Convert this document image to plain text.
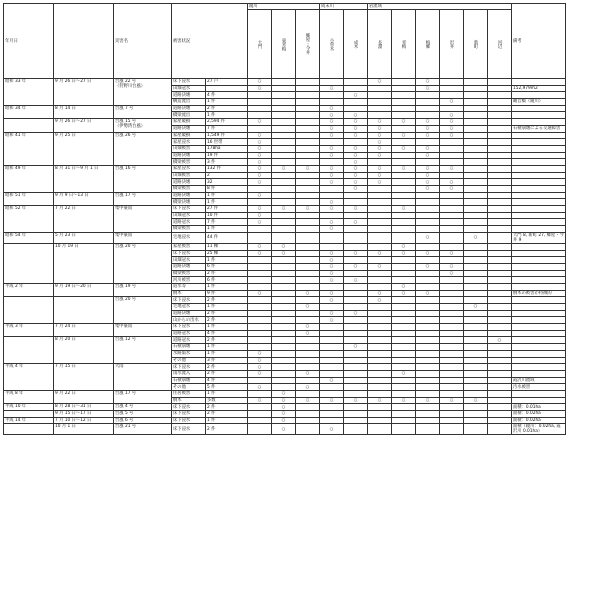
年月日		災害名	被害状況		鏡川			成末川		岩流域						備考
					大門	東青梅	郷屋・今井	小曽木	成木	長淵	青梅	梅郷	沢井	新町	河辺	
昭和 33 年	9 月 26 日～27 日	台風 22 号
（狩野川台風）	床下浸水	27 戸	○					○		○				
			田畑冠水		○			○				○				152,979m2
			道路決壊	4 件					○							
			構造流出	1 件									○			観音橋（鏡川）
昭和 34 年	8 月 14 日	台風 7 号	道路決壊	2 件				○								
			橋梁流出	1 件				○	○				○			
	9 月 26 日～27 日	台風 15 号
（伊勢湾台風）	家屋破損	2,594 件	○			○	○	○	○	○	○			
			道路決壊	7 件				○	○	○		○	○			石積崩壊による交通障害
昭和 41 年	9 月 25 日	台風 26 号	家屋破損	1,549 件	○			○	○	○	○	○	○			
			家屋浸水	16 世帯	○					○						
			田畑被害	178ha	○			○	○	○	○	○				
			道路決壊	19 件	○			○	○	○		○				
			橋梁被害	3 件	○				○							
昭和 49 年	8 月 31 日～9 月 1 日	台風 16 号	家屋浸水	132 件	○	○	○	○	○	○	○	○	○			
			田畑被害	2	○			○	○	○		○				
			道路決壊	32	○			○	○	○		○	○			
			橋梁被害	8 件					○			○	○			
昭和 51 年	9 月 9 日～13 日	台風 17 号	道路決壊	1 件	○											
			橋梁決壊	1 件				○								
昭和 52 年	7 月 22 日	集中豪雨	床下浸水	27 件	○	○	○	○	○		○					
			田畑冠水	10 件	○											
			道路冠水	7 件	○			○	○							
			橋梁被害	1 件				○								
昭和 54 年	5 月 23 日	集中豪雨	宅地浸水	44 件								○		○		大門 8, 新町 27, 郷屋・今井 9
	10 月 19 日	台風 20 号	家屋被害	11 棟	○	○					○					
			床下浸水	25 棟	○	○		○	○	○	○	○	○			
			田畑冠水	1 件				○								
			道路決壊	6 件				○	○	○		○	○			
			橋梁被害	2 件				○					○			
			河川被害	6 件				○	○							
平成 2 年	9 月 19 日～20 日	台風 19 号	道水等	1 件							○					
			倒木	9 件	○		○	○		○	○	○				倒木の被害が特徴的
		台風 20 号	床下浸水	2 件				○		○						
			宅地冠水	1 件			○							○		
			道路決壊	2 件				○	○							
			山からの出水	2 件				○								
平成 3 年	7 月 24 日	集中豪雨	床下浸水	1 件			○									
			道路冠水	4 件			○									
	8 月 20 日	台風 12 号	道路冠水	2 件											○	
			石積崩壊	1 件					○							
			水路溢水	1 件	○											
			その他	3 件	○											
平成 4 年	7 月 15 日	大雨	床下浸水	2 件	○											
			雨水流入	2 件	○		○				○					
			石積崩壊	4 件				○								霞沢川流域
			その他	5 件	○		○									汚水被害
平成 8 年	9 月 22 日	台風 17 号	住居被害	1 件		○										
			倒木	多数	○	○	○	○	○	○	○	○	○	○		
平成 10 年	8 月 28 日～31 日	台風 4 号	床下浸水	2 件		○										面積：0.01ha
	9 月 15 日～17 日	台風 5 号	床下浸水	2 件		○										面積：0.02ha
平成 14 年	7 月 10 日～12 日	台風 6 号	床下浸水	1 件		○										面積：0.02ha
	10 月 1 日	台風 21 号	床下浸水	2 件		○		○								面積（鏡川：0.02ha, 霞沢川 0.01ha）
